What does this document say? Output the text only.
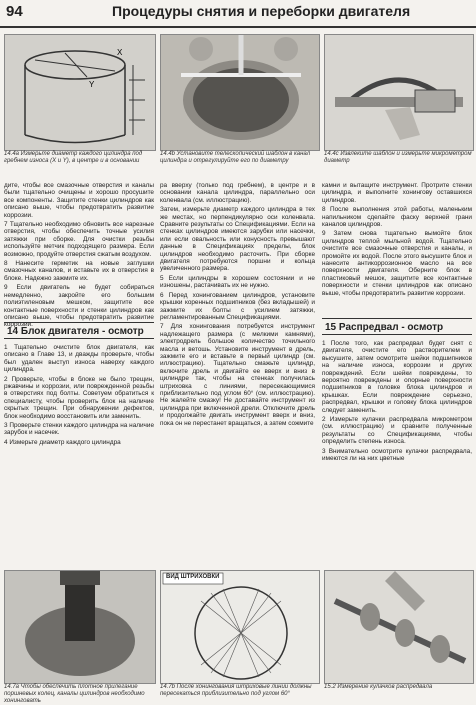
94	Процедуры снятия и переборки двигателя
X
Y
14.4а Измерьте диаметр каждого цилиндра под гребнем износа (X и Y), в центре и в основании
14.4b Установите телескопический шаблон в канал цилиндра и отрегулируйте его по диаметру
14.4с Извлеките шаблон и измерьте микрометром диаметр

дите, чтобы все смазочные отверстия и каналы были тщательно очищены и хорошо просушите все компоненты. Защитите стенки цилиндров как описано выше, чтобы предотвратить развитие коррозии.

7 Тщательно необходимо обновить все нарезные отверстия, чтобы обеспечить точные усилия затяжки при сборке. Для очистки резьбы используйте метчик подходящего размера. Если возможно, продуйте отверстия сжатым воздухом.

8 Нанесите герметик на новые заглушки смазочных каналов, и вставьте их в отверстия в блоке. Надежно зажмите их.

9 Если двигатель не будет собираться немедленно, закройте его большим полиэтиленовым мешком, защитите все контактные поверхности и стенки цилиндров как описано выше, чтобы предотвратить развитие коррозии.

14 Блок двигателя - осмотр

1 Тщательно очистите блок двигателя, как описано в Главе 13, и дважды проверьте, чтобы был удален выступ износа наверху каждого цилиндра.

2 Проверьте, чтобы в блоке не было трещин, ржавчины и коррозии, или поврежденной резьбы в отверстиях под болты. Советуем обратиться к специалисту, чтобы проверить блок на наличие скрытых трещин. При обнаружении дефектов, блок необходимо восстановить или заменить.

3 Проверьте стенки каждого цилиндра на наличие зарубок и насечек.

4 Измерьте диаметр каждого цилиндра

ра вверху (только под гребнем), в центре и в основании канала цилиндра, параллельно оси коленвала (см. иллюстрацию).

Затем, измерьте диаметр каждого цилиндра в тех же местах, но перпендикулярно оси коленвала. Сравните результаты со Спецификациями. Если на стенках цилиндров имеются зарубки или насечки, или если овальность или конусность превышают данные в Спецификациях пределы, блок цилиндров необходимо расточить. При сборке двигателя потребуются поршни и кольца увеличенного размера.

5 Если цилиндры в хорошем состоянии и не изношены, растачивать их не нужно.

6 Перед хонингованием цилиндров, установите крышки коренных подшипников (без вкладышей) и зажмите их болты с усилием затяжки, регламентированным Спецификациями.

7 Для хонингования потребуется инструмент надлежащего размера (с мелкими камнями), электродрель большое количество точильного масла и ветошь. Установите инструмент в дрель, зажмите его и вставьте в первый цилиндр (см. иллюстрацию). Тщательно смажьте цилиндр, включите дрель и двигайте ее вверх и вниз в цилиндре так, чтобы на стенках получилась штриховка с линиями, пересекающимися приблизительно под углом 60° (см. иллюстрацию). Не жалейте смазку! Не доставайте инструмент из цилиндра при включенной дрели. Отключите дрель и продолжайте двигать инструмент вверх и вниз, пока он не перестанет вращаться, а затем сожмите

камни и вытащите инструмент. Протрите стенки цилиндра, и выполните хонингову оставшихся цилиндров.

8 После выполнения этой работы, маленьким напильником сделайте фаску верхней грани каналов цилиндров.

9 Затем снова тщательно вымойте блок цилиндров теплой мыльной водой. Тщательно очистите все смазочные отверстия и каналы, и промойте их водой. После этого высушите блок и нанесите антикоррозионное масло на все поверхности двигателя. Оберните блок в пластиковый мешок, защитите все контактные поверхности и стенки цилиндров как описано выше, чтобы предотвратить развитие коррозии.

15 Распредвал - осмотр

1 После того, как распредвал будет снят с двигателя, очистите его растворителем и высушите, затем осмотрите шейки подшипников на наличие износа, коррозии и других повреждений. Если шейки повреждены, то вероятно повреждены и опорные поверхности подшипников в головке блока цилиндров и крышках. Если повреждение серьезно, распредвал, крышки и головку блока цилиндров следует заменить.

2 Измерьте кулачки распредвала микрометром (см. иллюстрацию) и сравните полученные результаты со Спецификациями, чтобы определить степень износа.

3 Внимательно осмотрите кулачки распредвала, имеются ли на них цветные

14.7а Чтобы обеспечить плотное прилегание поршневых колец, каналы цилиндров необходимо хонинговать
ВИД ШТРИХОВКИ
14.7b После хонингования штриховые линии должны пересекаться приблизительно под углом 60°
15.2 Измерение кулачков распредвала
